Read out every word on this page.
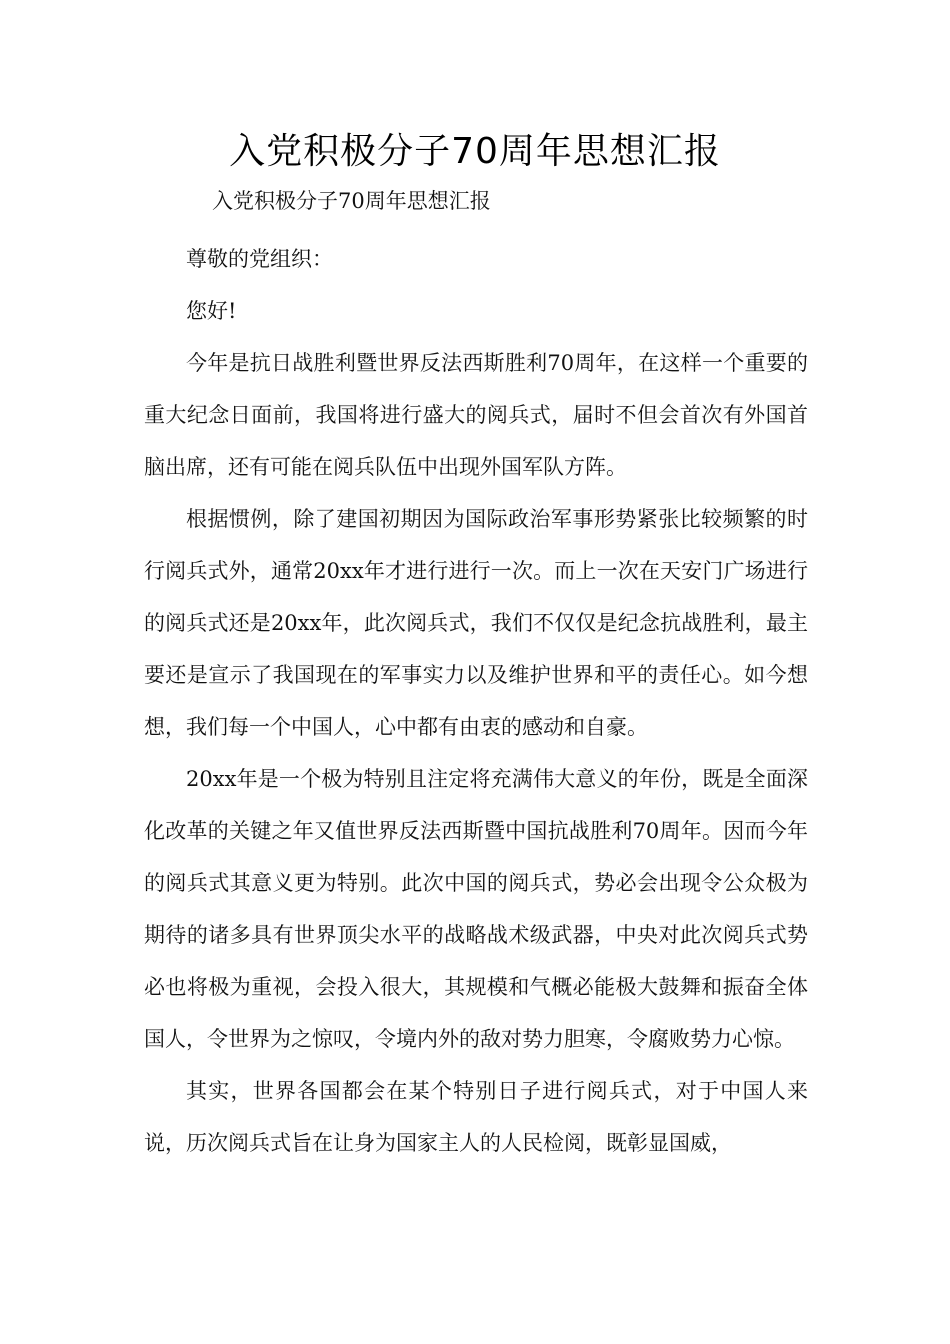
入党积极分子70周年思想汇报

入党积极分子70周年思想汇报

尊敬的党组织：

您好!

今年是抗日战胜利暨世界反法西斯胜利70周年，在这样一个重要的重大纪念日面前，我国将进行盛大的阅兵式，届时不但会首次有外国首脑出席，还有可能在阅兵队伍中出现外国军队方阵。

根据惯例，除了建国初期因为国际政治军事形势紧张比较频繁的时行阅兵式外，通常20xx年才进行进行一次。而上一次在天安门广场进行的阅兵式还是20xx年，此次阅兵式，我们不仅仅是纪念抗战胜利，最主要还是宣示了我国现在的军事实力以及维护世界和平的责任心。如今想想，我们每一个中国人，心中都有由衷的感动和自豪。

20xx年是一个极为特别且注定将充满伟大意义的年份，既是全面深化改革的关键之年又值世界反法西斯暨中国抗战胜利70周年。因而今年的阅兵式其意义更为特别。此次中国的阅兵式，势必会出现令公众极为期待的诸多具有世界顶尖水平的战略战术级武器，中央对此次阅兵式势必也将极为重视，会投入很大，其规模和气概必能极大鼓舞和振奋全体国人，令世界为之惊叹，令境内外的敌对势力胆寒，令腐败势力心惊。

其实，世界各国都会在某个特别日子进行阅兵式，对于中国人来说，历次阅兵式旨在让身为国家主人的人民检阅，既彰显国威，
